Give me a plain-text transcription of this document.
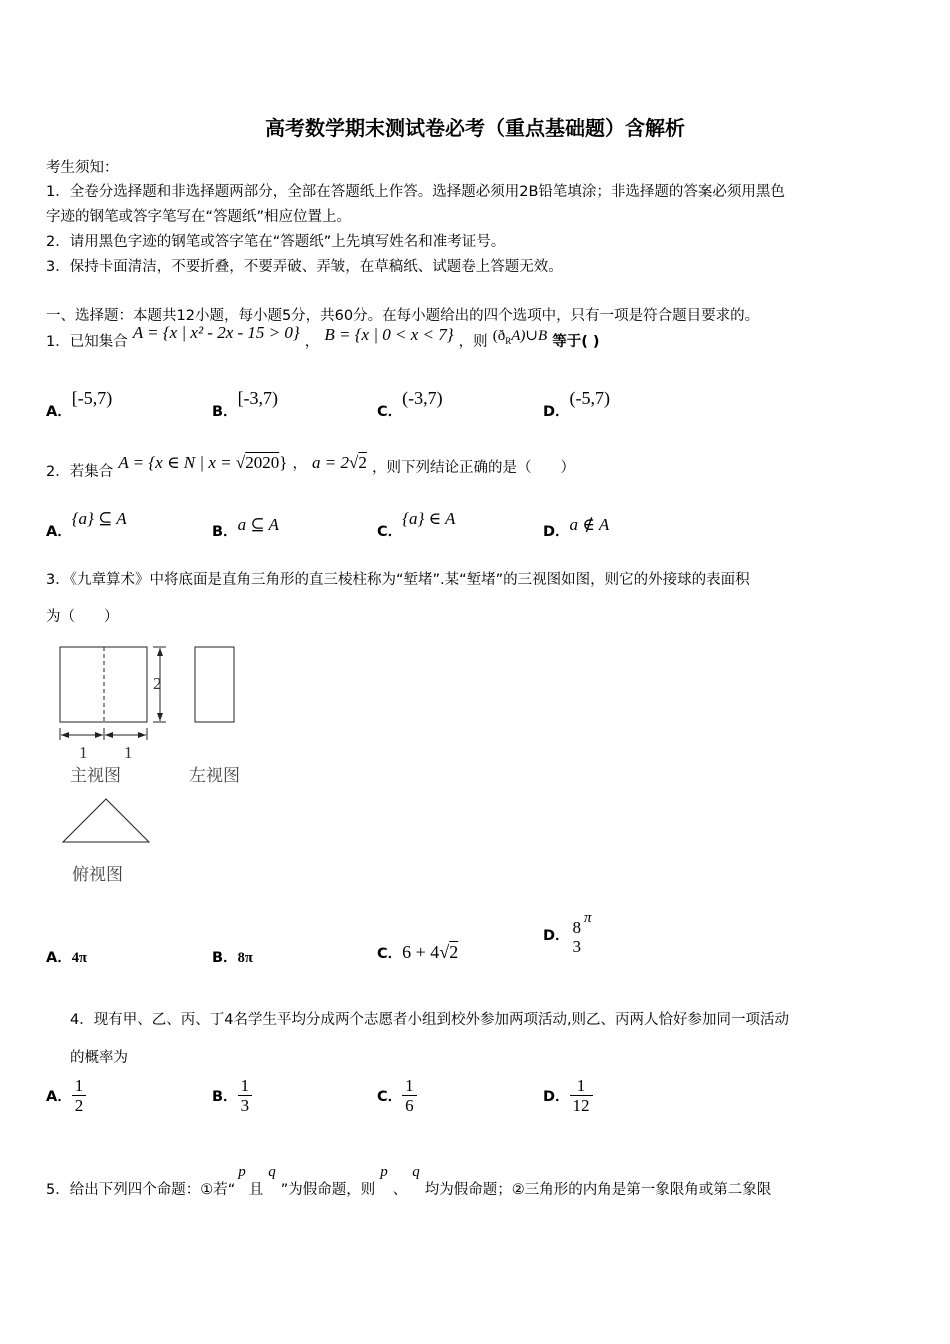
高考数学期末测试卷必考（重点基础题）含解析
考生须知：
1．全卷分选择题和非选择题两部分，全部在答题纸上作答。选择题必须用2B铅笔填涂；非选择题的答案必须用黑色
字迹的钢笔或答字笔写在“答题纸”相应位置上。
2．请用黑色字迹的钢笔或答字笔在“答题纸”上先填写姓名和准考证号。
3．保持卡面清洁，不要折叠，不要弄破、弄皱，在草稿纸、试题卷上答题无效。
一、选择题：本题共12小题，每小题5分，共60分。在每小题给出的四个选项中，只有一项是符合题目要求的。
1．已知集合 A = {x | x² - 2x - 15 > 0} ， B = {x | 0 < x < 7} ，则 $(ð_RA)\cup B$ 等于( )
A．[-5,7)
B．[-3,7)
C．(-3,7)
D．(-5,7)
2．若集合 A = {x ∈ N | x = √2020} ， a = 2√2 ，则下列结论正确的是（　　）
A．{a} ⊆ A
B．a ⊆ A	C．{a} ∈ A
D．a ∉ A
3．《九章算术》中将底面是直角三角形的直三棱柱称为“堑堵”.某“堑堵”的三视图如图，则它的外接球的表面积
为（　　）
2
1 1
主视图	左视图
俯视图
A．4π	B．8π	C．6 + 4√2
D． 8
3
π
4．现有甲、乙、丙、丁4名学生平均分成两个志愿者小组到校外参加两项活动,则乙、丙两人恰好参加同一项活动
的概率为
A． $\frac{1}{2}$	B． $\frac{1}{3}$	C． $\frac{1}{6}$	D． $\frac{1}{12}$
5．给出下列四个命题：①若“p且q”为假命题，则p、q均为假命题；②三角形的内角是第一象限角或第二象限
